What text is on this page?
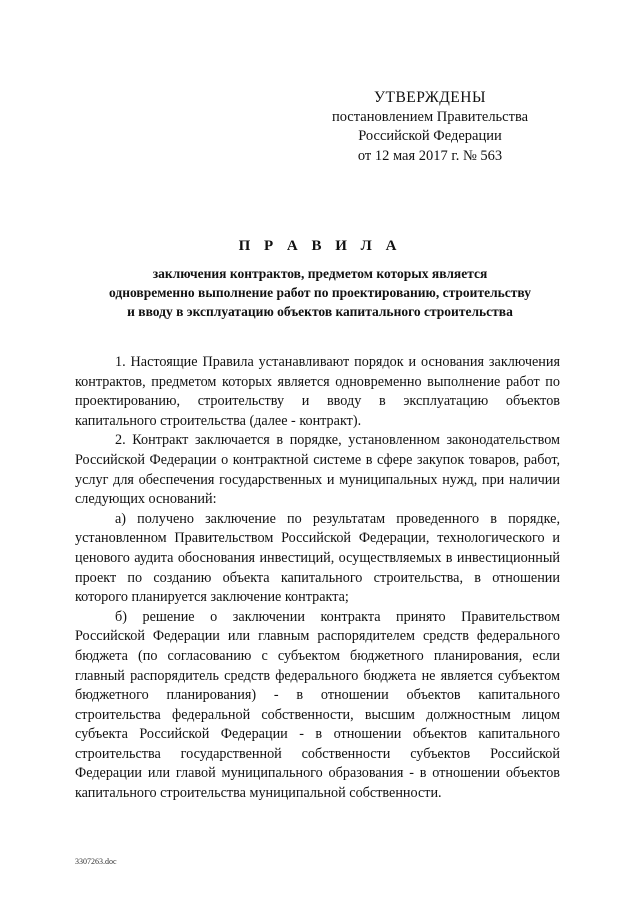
УТВЕРЖДЕНЫ
постановлением Правительства
Российской Федерации
от 12 мая 2017 г. № 563
П Р А В И Л А
заключения контрактов, предметом которых является
одновременно выполнение работ по проектированию, строительству
и вводу в эксплуатацию объектов капитального строительства

1. Настоящие Правила устанавливают порядок и основания заключения контрактов, предметом которых является одновременно выполнение работ по проектированию, строительству и вводу в эксплуатацию объектов капитального строительства (далее - контракт).

2. Контракт заключается в порядке, установленном законодательством Российской Федерации о контрактной системе в сфере закупок товаров, работ, услуг для обеспечения государственных и муниципальных нужд, при наличии следующих оснований:

а) получено заключение по результатам проведенного в порядке, установленном Правительством Российской Федерации, технологического и ценового аудита обоснования инвестиций, осуществляемых в инвестиционный проект по созданию объекта капитального строительства, в отношении которого планируется заключение контракта;

б) решение о заключении контракта принято Правительством Российской Федерации или главным распорядителем средств федерального бюджета (по согласованию с субъектом бюджетного планирования, если главный распорядитель средств федерального бюджета не является субъектом бюджетного планирования) - в отношении объектов капитального строительства федеральной собственности, высшим должностным лицом субъекта Российской Федерации - в отношении объектов капитального строительства государственной собственности субъектов Российской Федерации или главой муниципального образования - в отношении объектов капитального строительства муниципальной собственности.

3307263.doc
